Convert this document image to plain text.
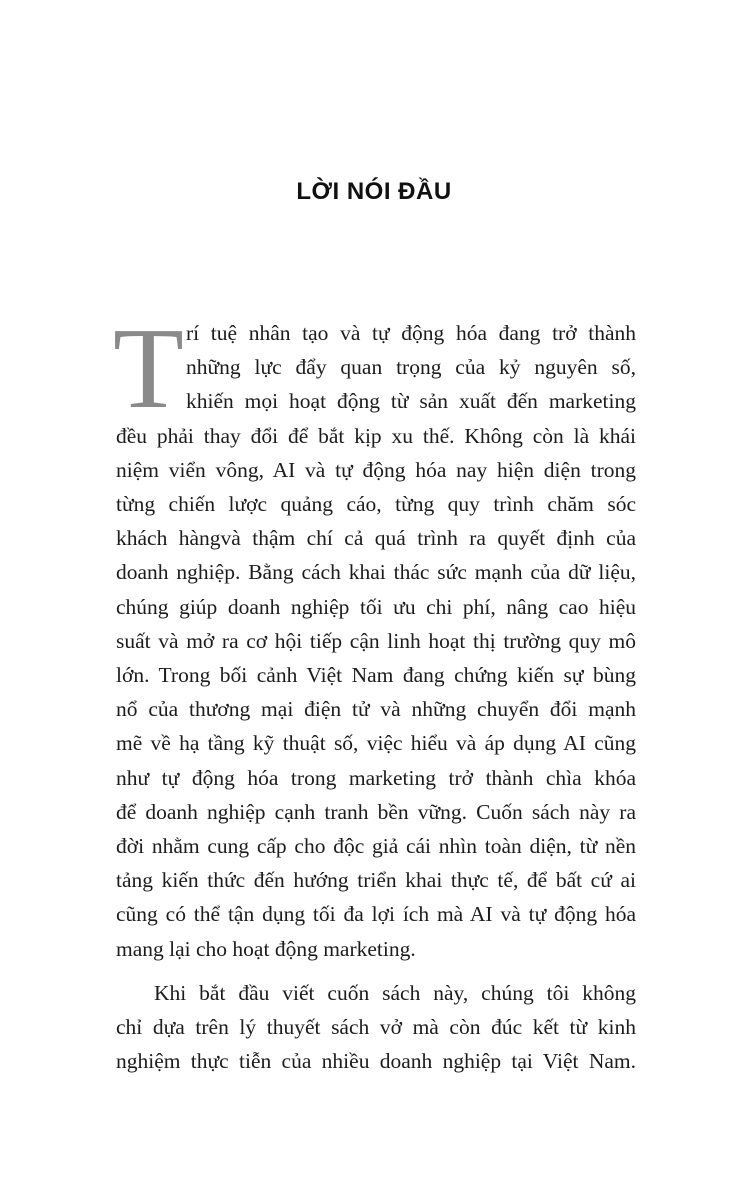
LỜI NÓI ĐẦU
T rí tuệ nhân tạo và tự động hóa đang trở thành
những lực đẩy quan trọng của kỷ nguyên số,
khiến mọi hoạt động từ sản xuất đến marketing
đều phải thay đổi để bắt kịp xu thế. Không còn là khái
niệm viển vông, AI và tự động hóa nay hiện diện trong
từng chiến lược quảng cáo, từng quy trình chăm sóc
khách hàngvà thậm chí cả quá trình ra quyết định của
doanh nghiệp. Bằng cách khai thác sức mạnh của dữ liệu,
chúng giúp doanh nghiệp tối ưu chi phí, nâng cao hiệu
suất và mở ra cơ hội tiếp cận linh hoạt thị trường quy mô
lớn. Trong bối cảnh Việt Nam đang chứng kiến sự bùng
nổ của thương mại điện tử và những chuyển đổi mạnh
mẽ về hạ tầng kỹ thuật số, việc hiểu và áp dụng AI cũng
như tự động hóa trong marketing trở thành chìa khóa
để doanh nghiệp cạnh tranh bền vững. Cuốn sách này ra
đời nhằm cung cấp cho độc giả cái nhìn toàn diện, từ nền
tảng kiến thức đến hướng triển khai thực tế, để bất cứ ai
cũng có thể tận dụng tối đa lợi ích mà AI và tự động hóa
mang lại cho hoạt động marketing.
Khi bắt đầu viết cuốn sách này, chúng tôi không
chỉ dựa trên lý thuyết sách vở mà còn đúc kết từ kinh
nghiệm thực tiễn của nhiều doanh nghiệp tại Việt Nam.
